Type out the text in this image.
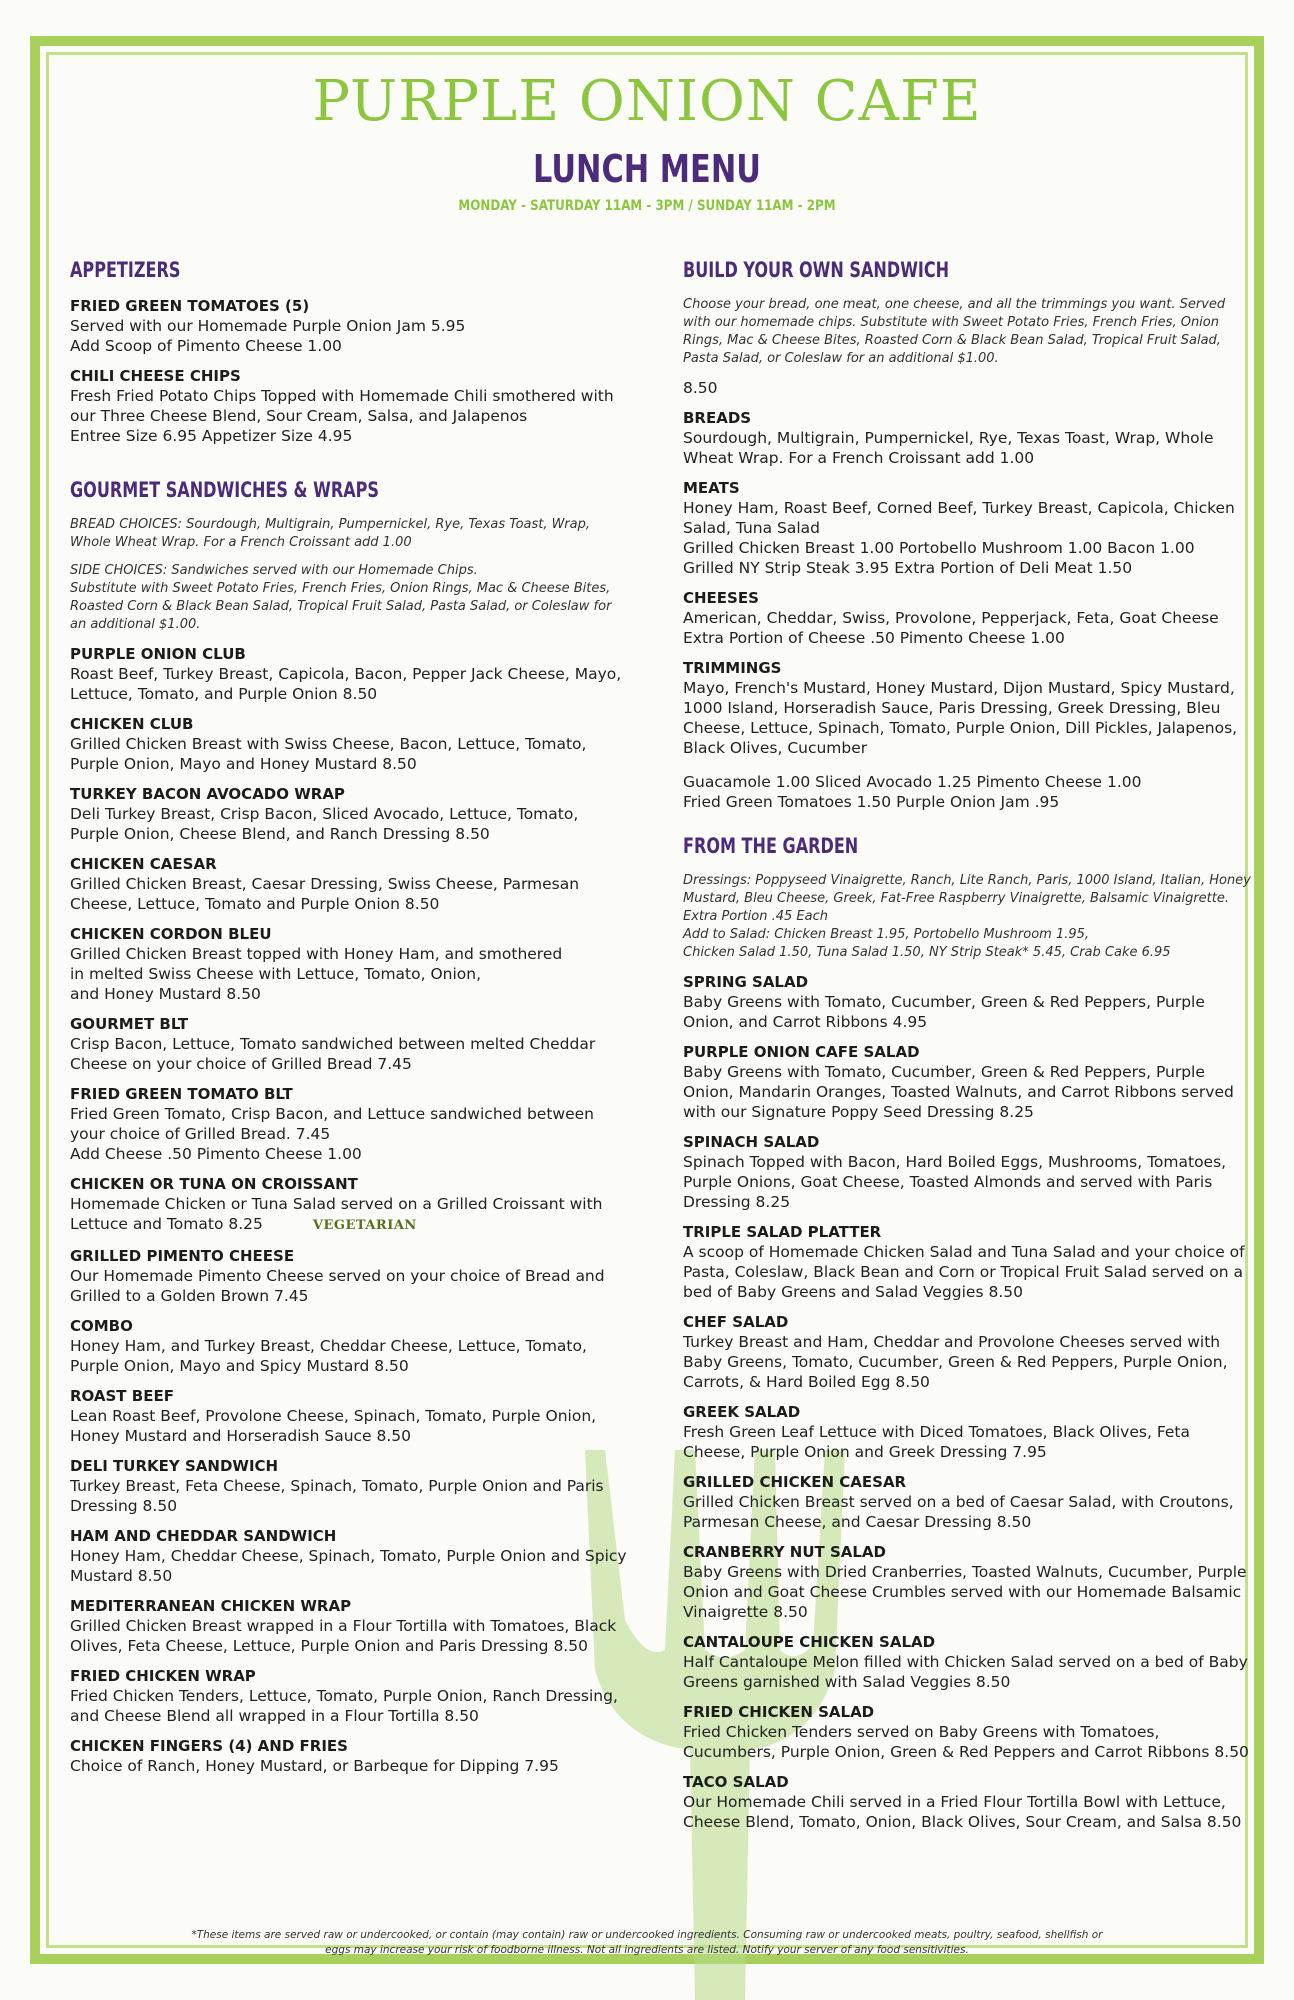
PURPLE ONION CAFE
LUNCH MENU
MONDAY - SATURDAY 11AM - 3PM / SUNDAY 11AM - 2PM
APPETIZERS
FRIED GREEN TOMATOES (5)
Served with our Homemade Purple Onion Jam 5.95
Add Scoop of Pimento Cheese 1.00
CHILI CHEESE CHIPS
Fresh Fried Potato Chips Topped with Homemade Chili smothered with our Three Cheese Blend, Sour Cream, Salsa, and Jalapenos
Entree Size 6.95 Appetizer Size 4.95
GOURMET SANDWICHES & WRAPS
BREAD CHOICES: Sourdough, Multigrain, Pumpernickel, Rye, Texas Toast, Wrap, Whole Wheat Wrap. For a French Croissant add 1.00
SIDE CHOICES: Sandwiches served with our Homemade Chips.
Substitute with Sweet Potato Fries, French Fries, Onion Rings, Mac & Cheese Bites, Roasted Corn & Black Bean Salad, Tropical Fruit Salad, Pasta Salad, or Coleslaw for an additional $1.00.
PURPLE ONION CLUB
Roast Beef, Turkey Breast, Capicola, Bacon, Pepper Jack Cheese, Mayo, Lettuce, Tomato, and Purple Onion 8.50
CHICKEN CLUB
Grilled Chicken Breast with Swiss Cheese, Bacon, Lettuce, Tomato, Purple Onion, Mayo and Honey Mustard 8.50
TURKEY BACON AVOCADO WRAP
Deli Turkey Breast, Crisp Bacon, Sliced Avocado, Lettuce, Tomato, Purple Onion, Cheese Blend, and Ranch Dressing 8.50
CHICKEN CAESAR
Grilled Chicken Breast, Caesar Dressing, Swiss Cheese, Parmesan Cheese, Lettuce, Tomato and Purple Onion 8.50
CHICKEN CORDON BLEU
Grilled Chicken Breast topped with Honey Ham, and smothered
in melted Swiss Cheese with Lettuce, Tomato, Onion,
and Honey Mustard 8.50
GOURMET BLT
Crisp Bacon, Lettuce, Tomato sandwiched between melted Cheddar Cheese on your choice of Grilled Bread 7.45
FRIED GREEN TOMATO BLT
Fried Green Tomato, Crisp Bacon, and Lettuce sandwiched between your choice of Grilled Bread. 7.45
Add Cheese .50 Pimento Cheese 1.00
CHICKEN OR TUNA ON CROISSANT
Homemade Chicken or Tuna Salad served on a Grilled Croissant with Lettuce and Tomato 8.25	VEGETARIAN
GRILLED PIMENTO CHEESE
Our Homemade Pimento Cheese served on your choice of Bread and Grilled to a Golden Brown 7.45
COMBO
Honey Ham, and Turkey Breast, Cheddar Cheese, Lettuce, Tomato, Purple Onion, Mayo and Spicy Mustard 8.50
ROAST BEEF
Lean Roast Beef, Provolone Cheese, Spinach, Tomato, Purple Onion, Honey Mustard and Horseradish Sauce 8.50
DELI TURKEY SANDWICH
Turkey Breast, Feta Cheese, Spinach, Tomato, Purple Onion and Paris Dressing 8.50
HAM AND CHEDDAR SANDWICH
Honey Ham, Cheddar Cheese, Spinach, Tomato, Purple Onion and Spicy Mustard 8.50
MEDITERRANEAN CHICKEN WRAP
Grilled Chicken Breast wrapped in a Flour Tortilla with Tomatoes, Black Olives, Feta Cheese, Lettuce, Purple Onion and Paris Dressing 8.50
FRIED CHICKEN WRAP
Fried Chicken Tenders, Lettuce, Tomato, Purple Onion, Ranch Dressing, and Cheese Blend all wrapped in a Flour Tortilla 8.50
CHICKEN FINGERS (4) AND FRIES
Choice of Ranch, Honey Mustard, or Barbeque for Dipping 7.95
BUILD YOUR OWN SANDWICH
Choose your bread, one meat, one cheese, and all the trimmings you want. Served with our homemade chips. Substitute with Sweet Potato Fries, French Fries, Onion Rings, Mac & Cheese Bites, Roasted Corn & Black Bean Salad, Tropical Fruit Salad, Pasta Salad, or Coleslaw for an additional $1.00.
8.50
BREADS
Sourdough, Multigrain, Pumpernickel, Rye, Texas Toast, Wrap, Whole Wheat Wrap. For a French Croissant add 1.00
MEATS
Honey Ham, Roast Beef, Corned Beef, Turkey Breast, Capicola, Chicken Salad, Tuna Salad
Grilled Chicken Breast 1.00 Portobello Mushroom 1.00 Bacon 1.00
Grilled NY Strip Steak 3.95 Extra Portion of Deli Meat 1.50
CHEESES
American, Cheddar, Swiss, Provolone, Pepperjack, Feta, Goat Cheese
Extra Portion of Cheese .50 Pimento Cheese 1.00
TRIMMINGS
Mayo, French's Mustard, Honey Mustard, Dijon Mustard, Spicy Mustard, 1000 Island, Horseradish Sauce, Paris Dressing, Greek Dressing, Bleu Cheese, Lettuce, Spinach, Tomato, Purple Onion, Dill Pickles, Jalapenos, Black Olives, Cucumber
Guacamole 1.00 Sliced Avocado 1.25 Pimento Cheese 1.00
Fried Green Tomatoes 1.50 Purple Onion Jam .95
FROM THE GARDEN
Dressings: Poppyseed Vinaigrette, Ranch, Lite Ranch, Paris, 1000 Island, Italian, Honey Mustard, Bleu Cheese, Greek, Fat-Free Raspberry Vinaigrette, Balsamic Vinaigrette. Extra Portion .45 Each
Add to Salad: Chicken Breast 1.95, Portobello Mushroom 1.95,
Chicken Salad 1.50, Tuna Salad 1.50, NY Strip Steak* 5.45, Crab Cake 6.95
SPRING SALAD
Baby Greens with Tomato, Cucumber, Green & Red Peppers, Purple Onion, and Carrot Ribbons 4.95
PURPLE ONION CAFE SALAD
Baby Greens with Tomato, Cucumber, Green & Red Peppers, Purple Onion, Mandarin Oranges, Toasted Walnuts, and Carrot Ribbons served with our Signature Poppy Seed Dressing 8.25
SPINACH SALAD
Spinach Topped with Bacon, Hard Boiled Eggs, Mushrooms, Tomatoes, Purple Onions, Goat Cheese, Toasted Almonds and served with Paris Dressing 8.25
TRIPLE SALAD PLATTER
A scoop of Homemade Chicken Salad and Tuna Salad and your choice of Pasta, Coleslaw, Black Bean and Corn or Tropical Fruit Salad served on a bed of Baby Greens and Salad Veggies 8.50
CHEF SALAD
Turkey Breast and Ham, Cheddar and Provolone Cheeses served with Baby Greens, Tomato, Cucumber, Green & Red Peppers, Purple Onion, Carrots, & Hard Boiled Egg 8.50
GREEK SALAD
Fresh Green Leaf Lettuce with Diced Tomatoes, Black Olives, Feta Cheese, Purple Onion and Greek Dressing 7.95
GRILLED CHICKEN CAESAR
Grilled Chicken Breast served on a bed of Caesar Salad, with Croutons, Parmesan Cheese, and Caesar Dressing 8.50
CRANBERRY NUT SALAD
Baby Greens with Dried Cranberries, Toasted Walnuts, Cucumber, Purple Onion and Goat Cheese Crumbles served with our Homemade Balsamic Vinaigrette 8.50
CANTALOUPE CHICKEN SALAD
Half Cantaloupe Melon filled with Chicken Salad served on a bed of Baby Greens garnished with Salad Veggies 8.50
FRIED CHICKEN SALAD
Fried Chicken Tenders served on Baby Greens with Tomatoes, Cucumbers, Purple Onion, Green & Red Peppers and Carrot Ribbons 8.50
TACO SALAD
Our Homemade Chili served in a Fried Flour Tortilla Bowl with Lettuce, Cheese Blend, Tomato, Onion, Black Olives, Sour Cream, and Salsa 8.50
*These items are served raw or undercooked, or contain (may contain) raw or undercooked ingredients. Consuming raw or undercooked meats, poultry, seafood, shellfish or eggs may increase your risk of foodborne illness. Not all ingredients are listed. Notify your server of any food sensitivities.
